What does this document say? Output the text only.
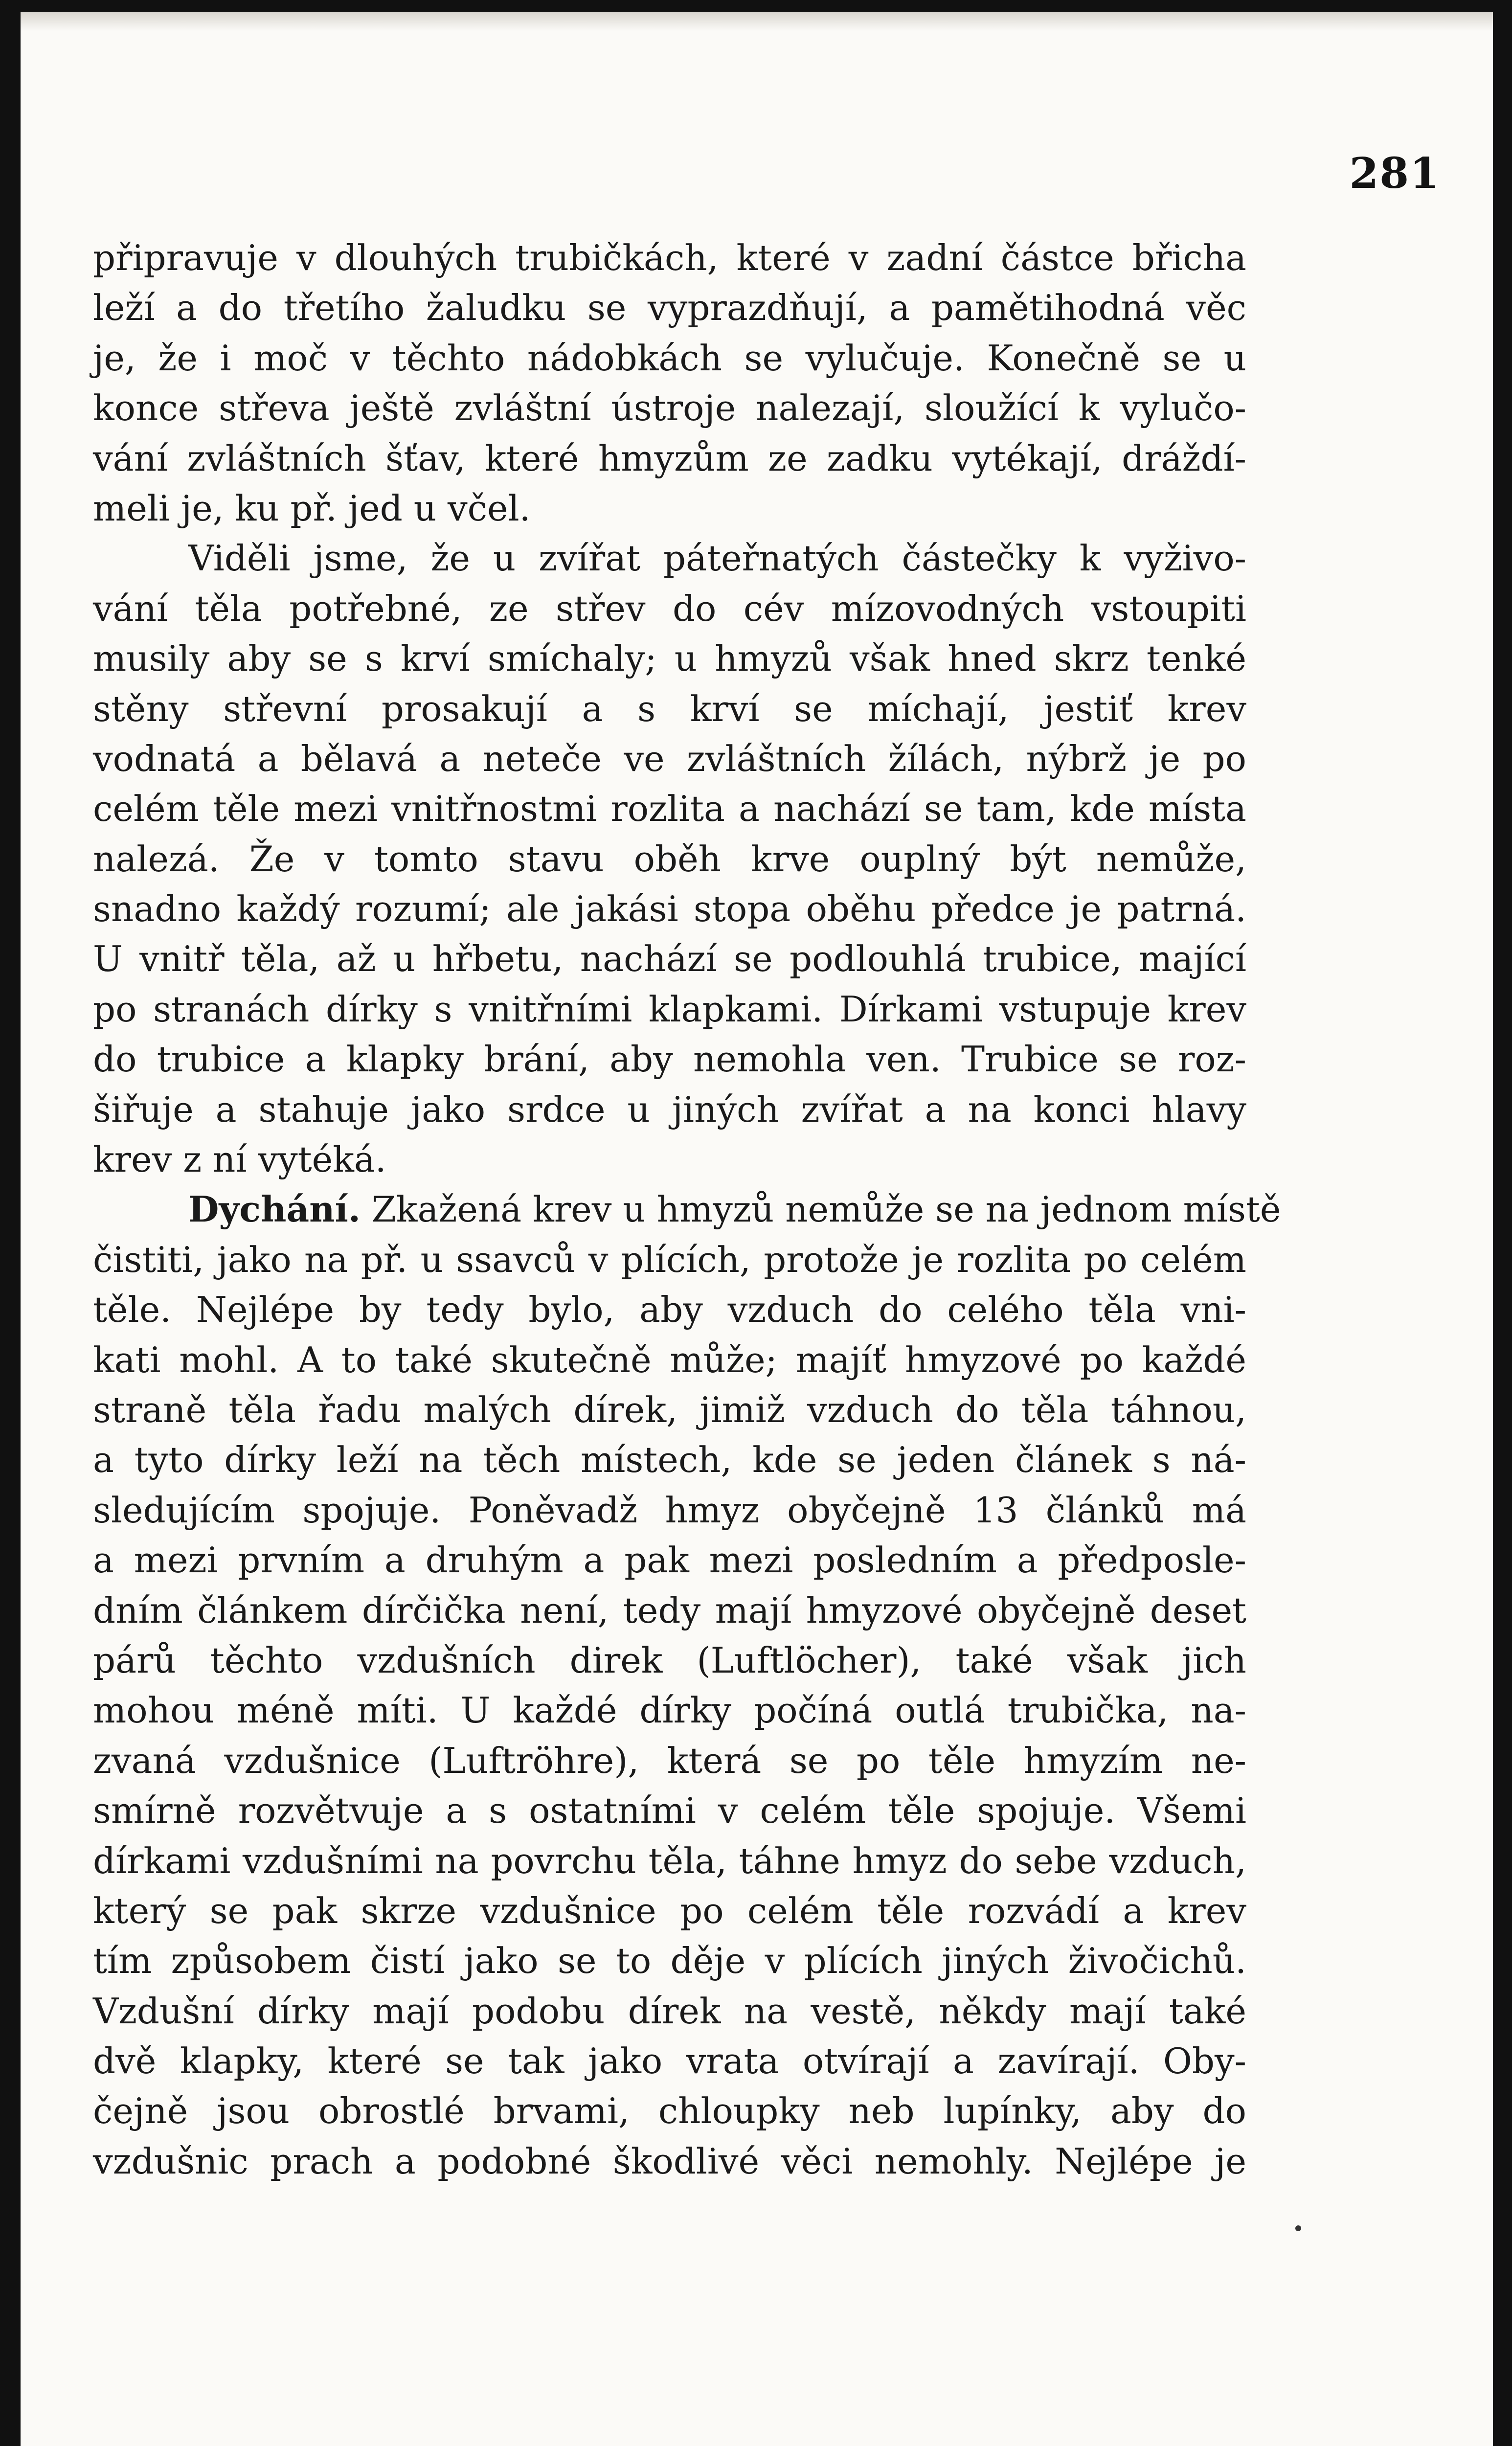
281
připravuje v dlouhých trubičkách, které v zadní částce břicha
leží a do třetího žaludku se vyprazdňují, a pamětihodná věc
je, že i moč v těchto nádobkách se vylučuje. Konečně se u
konce střeva ještě zvláštní ústroje nalezají, sloužící k vylučo-
vání zvláštních šťav, které hmyzům ze zadku vytékají, dráždí-
meli je, ku př. jed u včel.
Viděli jsme, že u zvířat páteřnatých částečky k vyživo-
vání těla potřebné, ze střev do cév mízovodných vstoupiti
musily aby se s krví smíchaly; u hmyzů však hned skrz tenké
stěny střevní prosakují a s krví se míchají, jestiť krev
vodnatá a bělavá a neteče ve zvláštních žílách, nýbrž je po
celém těle mezi vnitřnostmi rozlita a nachází se tam, kde místa
nalezá. Že v tomto stavu oběh krve ouplný být nemůže,
snadno každý rozumí; ale jakási stopa oběhu předce je patrná.
U vnitř těla, až u hřbetu, nachází se podlouhlá trubice, mající
po stranách dírky s vnitřními klapkami. Dírkami vstupuje krev
do trubice a klapky brání, aby nemohla ven. Trubice se roz-
šiřuje a stahuje jako srdce u jiných zvířat a na konci hlavy
krev z ní vytéká.
Dychání. Zkažená krev u hmyzů nemůže se na jednom místě
čistiti, jako na př. u ssavců v plících, protože je rozlita po celém
těle. Nejlépe by tedy bylo, aby vzduch do celého těla vni-
kati mohl. A to také skutečně může; majíť hmyzové po každé
straně těla řadu malých dírek, jimiž vzduch do těla táhnou,
a tyto dírky leží na těch místech, kde se jeden článek s ná-
sledujícím spojuje. Poněvadž hmyz obyčejně 13 článků má
a mezi prvním a druhým a pak mezi posledním a předposle-
dním článkem dírčička není, tedy mají hmyzové obyčejně deset
párů těchto vzdušních direk (Luftlöcher), také však jich
mohou méně míti. U každé dírky počíná outlá trubička, na-
zvaná vzdušnice (Luftröhre), která se po těle hmyzím ne-
smírně rozvětvuje a s ostatními v celém těle spojuje. Všemi
dírkami vzdušními na povrchu těla, táhne hmyz do sebe vzduch,
který se pak skrze vzdušnice po celém těle rozvádí a krev
tím způsobem čistí jako se to děje v plících jiných živočichů.
Vzdušní dírky mají podobu dírek na vestě, někdy mají také
dvě klapky, které se tak jako vrata otvírají a zavírají. Oby-
čejně jsou obrostlé brvami, chloupky neb lupínky, aby do
vzdušnic prach a podobné škodlivé věci nemohly. Nejlépe je
